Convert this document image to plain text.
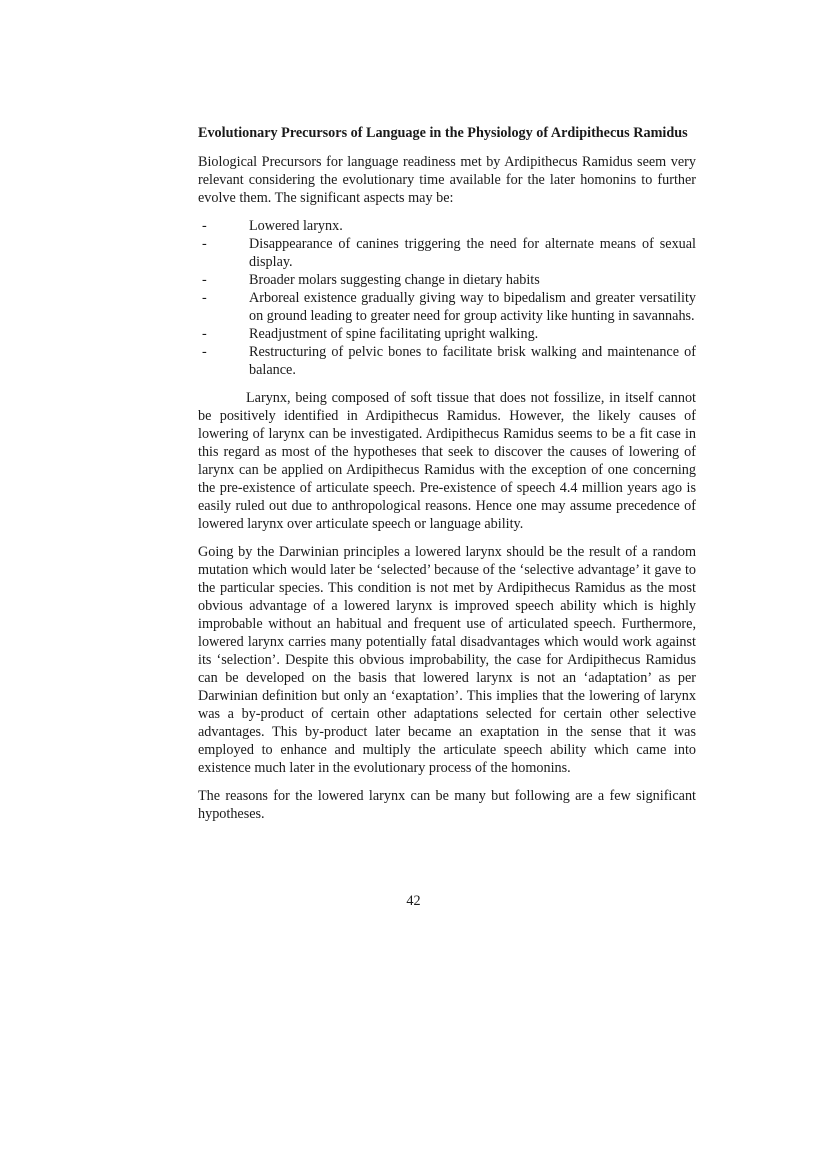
Evolutionary Precursors of Language in the Physiology of Ardipithecus Ramidus

Biological Precursors for language readiness met by Ardipithecus Ramidus seem very relevant considering the evolutionary time available for the later homonins to further evolve them. The significant aspects may be:

-	Lowered larynx.
-	Disappearance of canines triggering the need for alternate means of sexual display.
-	Broader molars suggesting change in dietary habits
-	Arboreal existence gradually giving way to bipedalism and greater versatility on ground leading to greater need for group activity like hunting in savannahs.
-	Readjustment of spine facilitating upright walking.
-	Restructuring of pelvic bones to facilitate brisk walking and maintenance of balance.

Larynx, being composed of soft tissue that does not fossilize, in itself cannot be positively identified in Ardipithecus Ramidus. However, the likely causes of lowering of larynx can be investigated. Ardipithecus Ramidus seems to be a fit case in this regard as most of the hypotheses that seek to discover the causes of lowering of larynx can be applied on Ardipithecus Ramidus with the exception of one concerning the pre-existence of articulate speech. Pre-existence of speech 4.4 million years ago is easily ruled out due to anthropological reasons. Hence one may assume precedence of lowered larynx over articulate speech or language ability.

Going by the Darwinian principles a lowered larynx should be the result of a random mutation which would later be ‘selected’ because of the ‘selective advantage’ it gave to the particular species. This condition is not met by Ardipithecus Ramidus as the most obvious advantage of a lowered larynx is improved speech ability which is highly improbable without an habitual and frequent use of articulated speech. Furthermore, lowered larynx carries many potentially fatal disadvantages which would work against its ‘selection’. Despite this obvious improbability, the case for Ardipithecus Ramidus can be developed on the basis that lowered larynx is not an ‘adaptation’ as per Darwinian definition but only an ‘exaptation’. This implies that the lowering of larynx was a by-product of certain other adaptations selected for certain other selective advantages. This by-product later became an exaptation in the sense that it was employed to enhance and multiply the articulate speech ability which came into existence much later in the evolutionary process of the homonins.

The reasons for the lowered larynx can be many but following are a few significant hypotheses.

42
